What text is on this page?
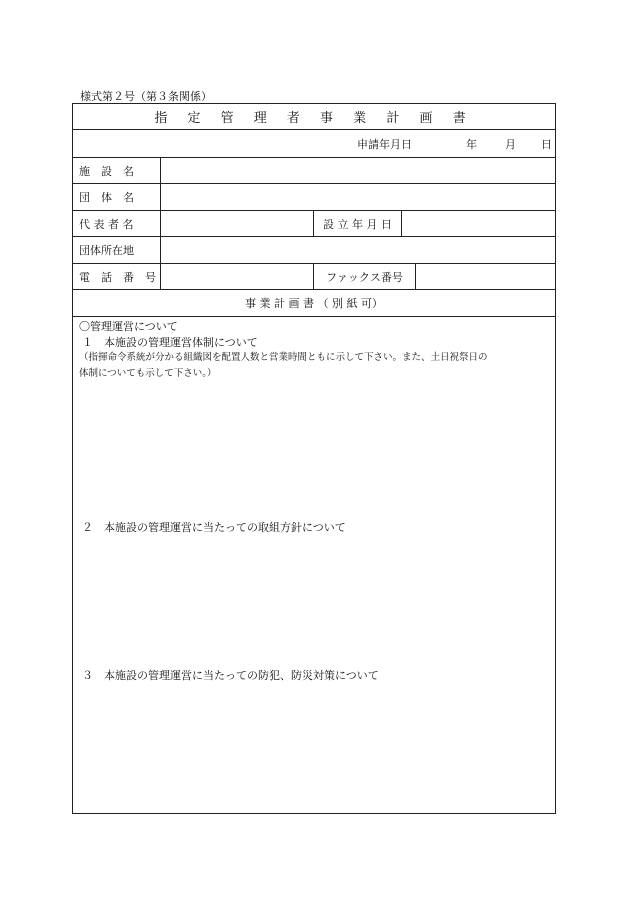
様式第２号（第３条関係）
指 定 管 理 者 事 業 計 画 書
申請年月日	年	月 日
施　設　名
団　体　名
代 表 者 名	設 立 年 月 日
団体所在地
電　話　番　号	ファックス番号
事 業 計 画 書 （ 別 紙 可）
〇管理運営について
１　本施設の管理運営体制について
（指揮命令系統が分かる組織図を配置人数と営業時間ともに示して下さい。また、土日祝祭日の
体制についても示して下さい。）
２　本施設の管理運営に当たっての取組方針について
３　本施設の管理運営に当たっての防犯、防災対策について
